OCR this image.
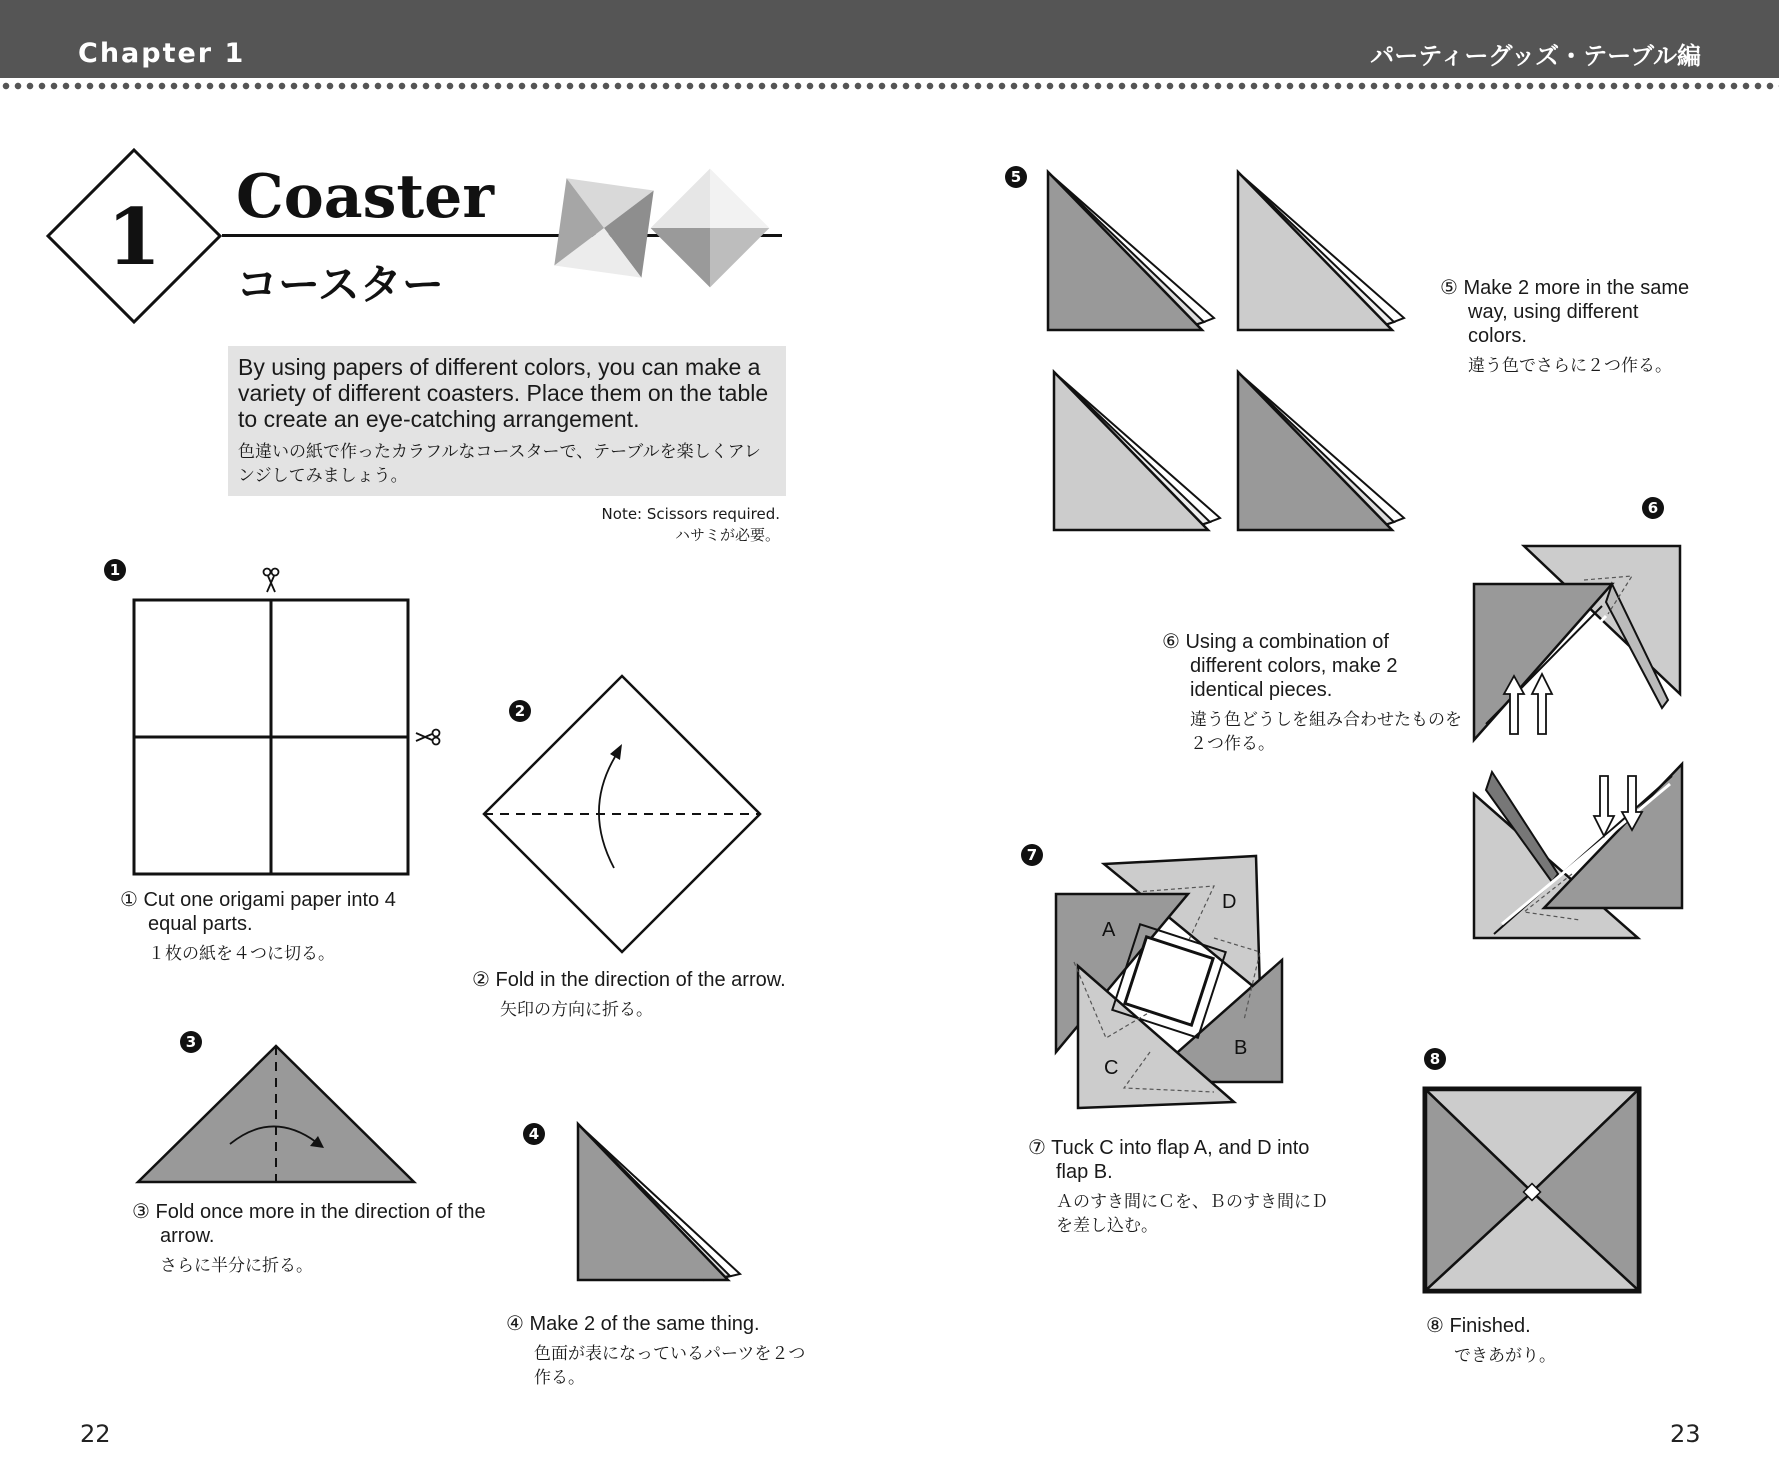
Chapter 1	パーティーグッズ・テーブル編
1 Coaster
コースター

By using papers of different colors, you can make a variety of different coasters. Place them on the table to create an eye-catching arrangement.

色違いの紙で作ったカラフルなコースターで、テーブルを楽しくアレンジしてみましょう。

Note: Scissors required.
ハサミが必要。
1

① Cut one origami paper into 4 equal parts.

１枚の紙を４つに切る。

2

② Fold in the direction of the arrow.

矢印の方向に折る。

3

③ Fold once more in the direction of the arrow.

さらに半分に折る。

4

④ Make 2 of the same thing.

色面が表になっているパーツを２つ作る。

5

⑤ Make 2 more in the same way, using different colors.

違う色でさらに２つ作る。

6

⑥ Using a combination of different colors, make 2 identical pieces.

違う色どうしを組み合わせたものを２つ作る。

7
A
B
C
D

⑦ Tuck C into flap A, and D into flap B.

Ａのすき間にＣを、Ｂのすき間にＤを差し込む。

8

⑧ Finished.

できあがり。

22	23
